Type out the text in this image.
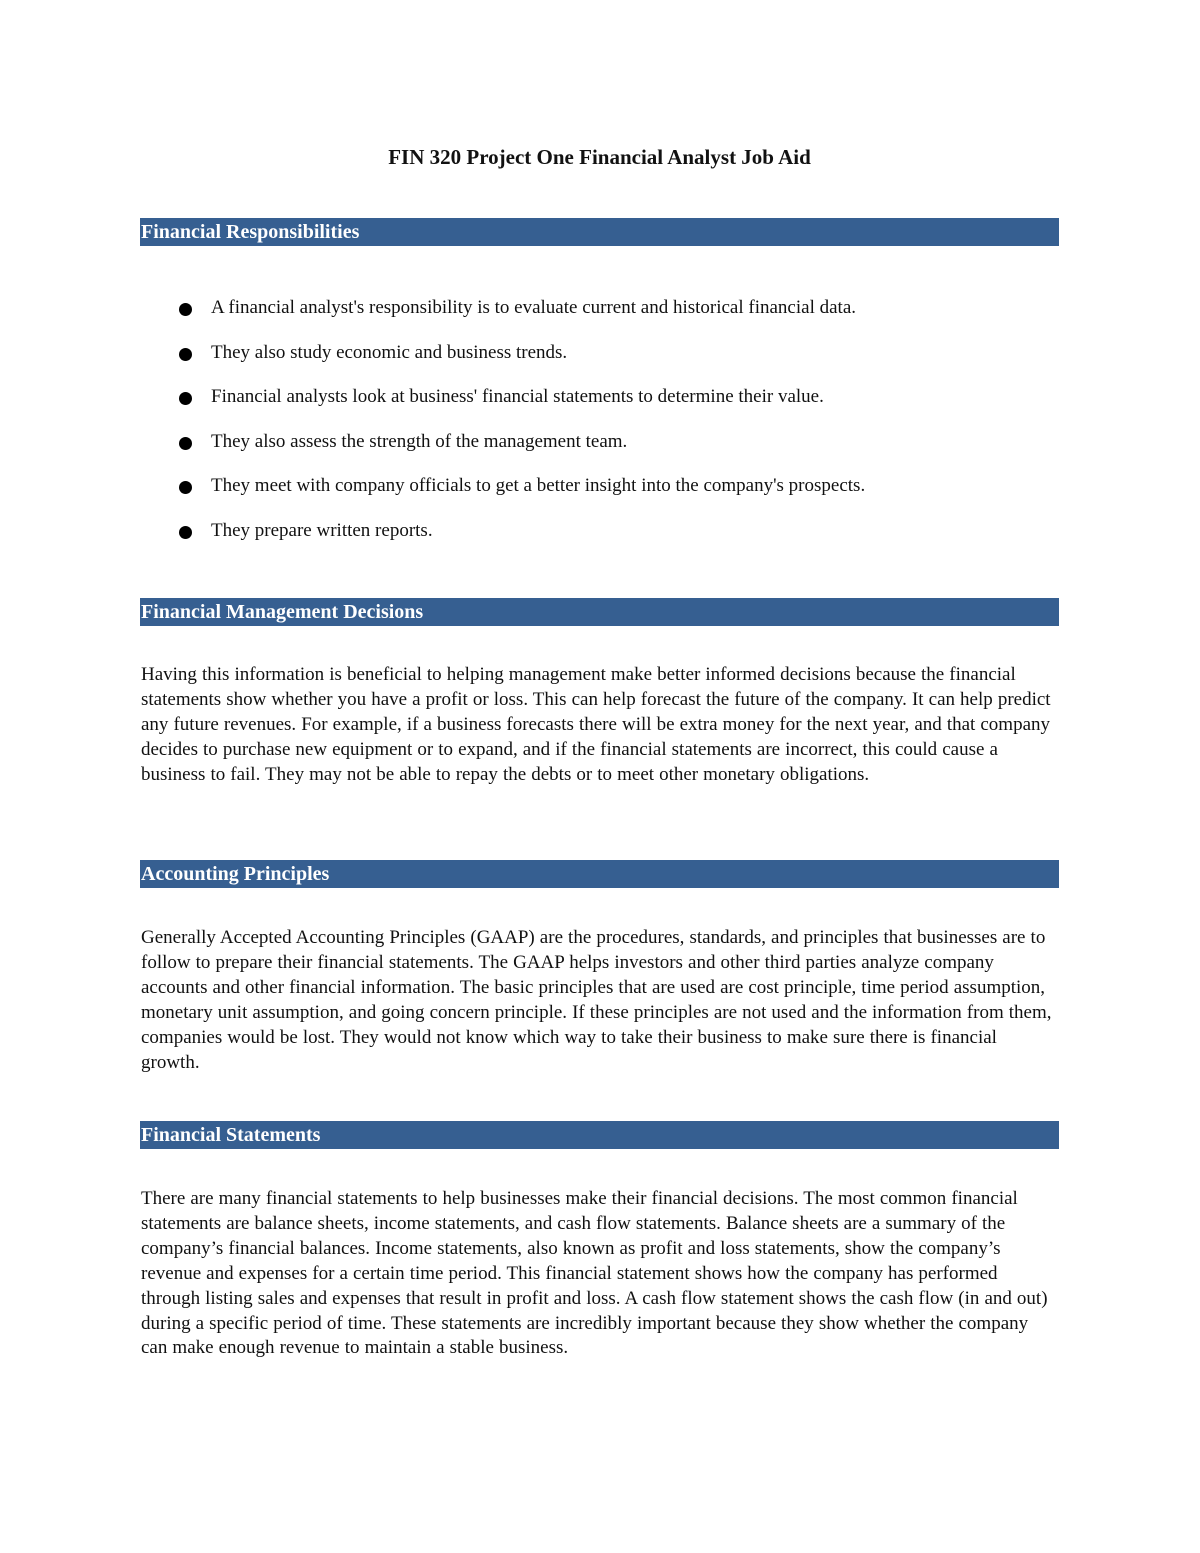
FIN 320 Project One Financial Analyst Job Aid
Financial Responsibilities
A financial analyst's responsibility is to evaluate current and historical financial data.
They also study economic and business trends.
Financial analysts look at business' financial statements to determine their value.
They also assess the strength of the management team.
They meet with company officials to get a better insight into the company's prospects.
They prepare written reports.
Financial Management Decisions

Having this information is beneficial to helping management make better informed decisions because the financial statements show whether you have a profit or loss. This can help forecast the future of the company. It can help predict any future revenues. For example, if a business forecasts there will be extra money for the next year, and that company decides to purchase new equipment or to expand, and if the financial statements are incorrect, this could cause a business to fail. They may not be able to repay the debts or to meet other monetary obligations.

Accounting Principles

Generally Accepted Accounting Principles (GAAP) are the procedures, standards, and principles that businesses are to follow to prepare their financial statements. The GAAP helps investors and other third parties analyze company accounts and other financial information. The basic principles that are used are cost principle, time period assumption, monetary unit assumption, and going concern principle. If these principles are not used and the information from them, companies would be lost. They would not know which way to take their business to make sure there is financial growth.

Financial Statements

There are many financial statements to help businesses make their financial decisions. The most common financial statements are balance sheets, income statements, and cash flow statements. Balance sheets are a summary of the company’s financial balances. Income statements, also known as profit and loss statements, show the company’s revenue and expenses for a certain time period. This financial statement shows how the company has performed through listing sales and expenses that result in profit and loss. A cash flow statement shows the cash flow (in and out) during a specific period of time. These statements are incredibly important because they show whether the company can make enough revenue to maintain a stable business.
